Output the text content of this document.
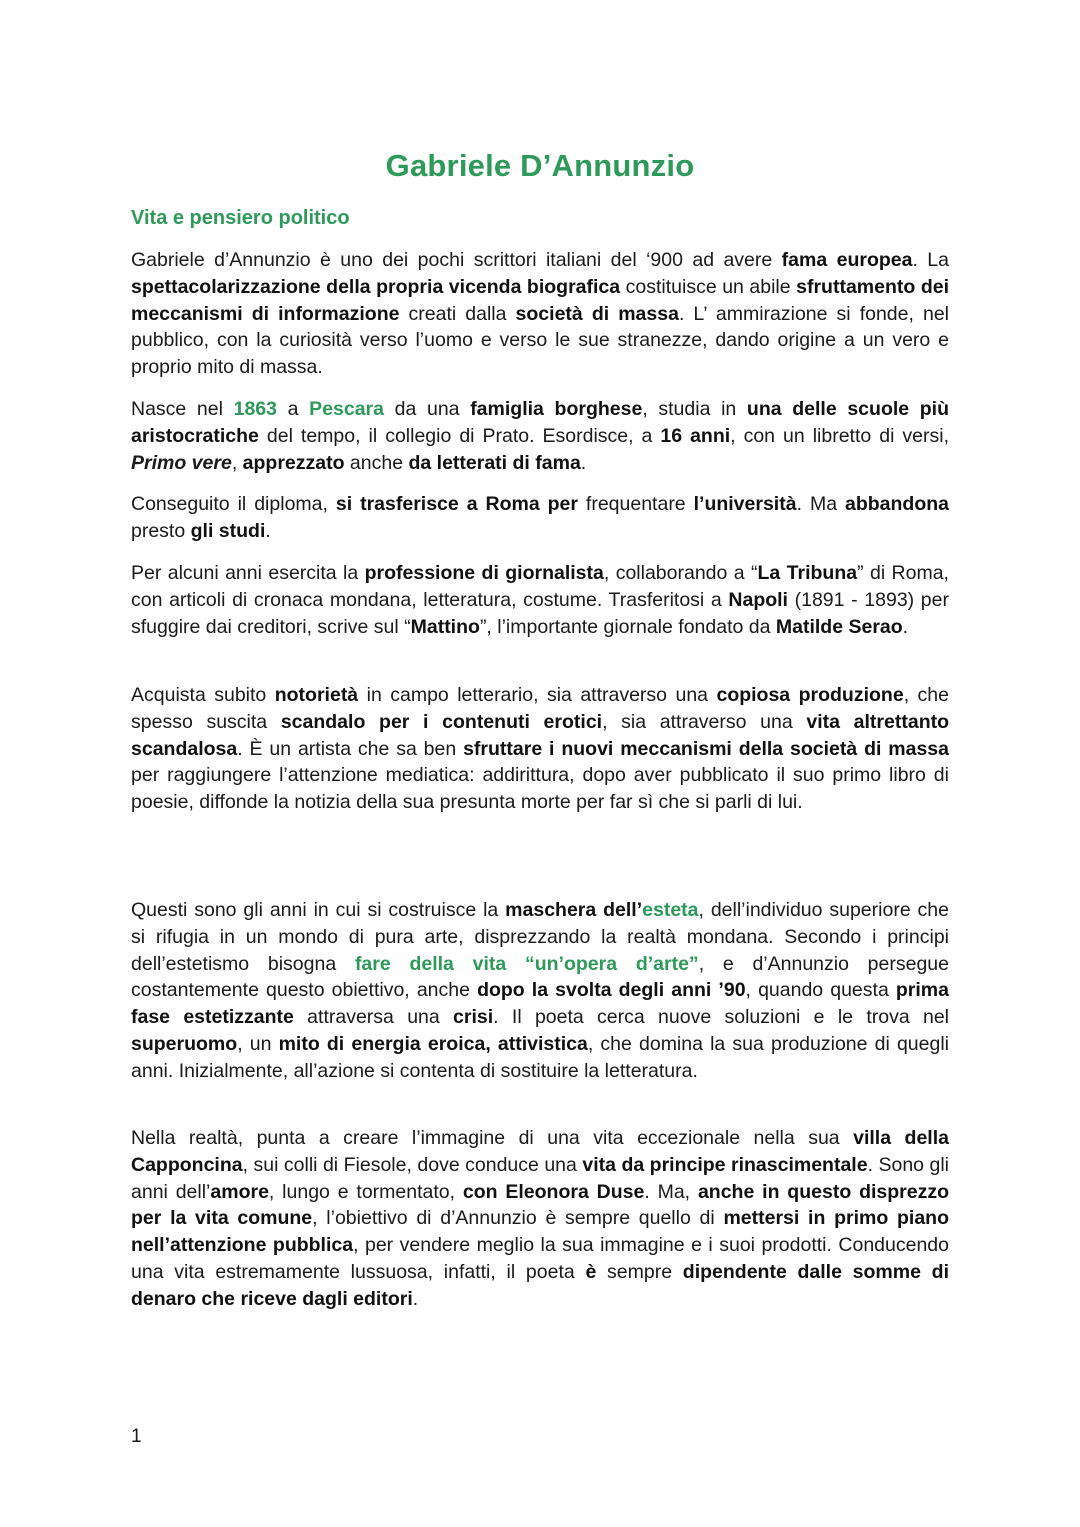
Gabriele D’Annunzio
Vita e pensiero politico

Gabriele d’Annunzio è uno dei pochi scrittori italiani del ‘900 ad avere fama europea. La spettacolarizzazione della propria vicenda biografica costituisce un abile sfruttamento dei meccanismi di informazione creati dalla società di massa. L’ ammirazione si fonde, nel pubblico, con la curiosità verso l’uomo e verso le sue stranezze, dando origine a un vero e proprio mito di massa.

Nasce nel 1863 a Pescara da una famiglia borghese, studia in una delle scuole più aristocratiche del tempo, il collegio di Prato. Esordisce, a 16 anni, con un libretto di versi, Primo vere, apprezzato anche da letterati di fama.

Conseguito il diploma, si trasferisce a Roma per frequentare l’università. Ma abbandona presto gli studi.

Per alcuni anni esercita la professione di giornalista, collaborando a “La Tribuna” di Roma, con articoli di cronaca mondana, letteratura, costume. Trasferitosi a Napoli (1891 - 1893) per sfuggire dai creditori, scrive sul “Mattino”, l’importante giornale fondato da Matilde Serao.

Acquista subito notorietà in campo letterario, sia attraverso una copiosa produzione, che spesso suscita scandalo per i contenuti erotici, sia attraverso una vita altrettanto scandalosa. È un artista che sa ben sfruttare i nuovi meccanismi della società di massa per raggiungere l’attenzione mediatica: addirittura, dopo aver pubblicato il suo primo libro di poesie, diffonde la notizia della sua presunta morte per far sì che si parli di lui.

Questi sono gli anni in cui si costruisce la maschera dell’esteta, dell’individuo superiore che si rifugia in un mondo di pura arte, disprezzando la realtà mondana. Secondo i principi dell’estetismo bisogna fare della vita “un’opera d’arte”, e d’Annunzio persegue costantemente questo obiettivo, anche dopo la svolta degli anni ’90, quando questa prima fase estetizzante attraversa una crisi. Il poeta cerca nuove soluzioni e le trova nel superuomo, un mito di energia eroica, attivistica, che domina la sua produzione di quegli anni. Inizialmente, all’azione si contenta di sostituire la letteratura.

Nella realtà, punta a creare l’immagine di una vita eccezionale nella sua villa della Capponcina, sui colli di Fiesole, dove conduce una vita da principe rinascimentale. Sono gli anni dell’amore, lungo e tormentato, con Eleonora Duse. Ma, anche in questo disprezzo per la vita comune, l’obiettivo di d’Annunzio è sempre quello di mettersi in primo piano nell’attenzione pubblica, per vendere meglio la sua immagine e i suoi prodotti. Conducendo una vita estremamente lussuosa, infatti, il poeta è sempre dipendente dalle somme di denaro che riceve dagli editori.

1
